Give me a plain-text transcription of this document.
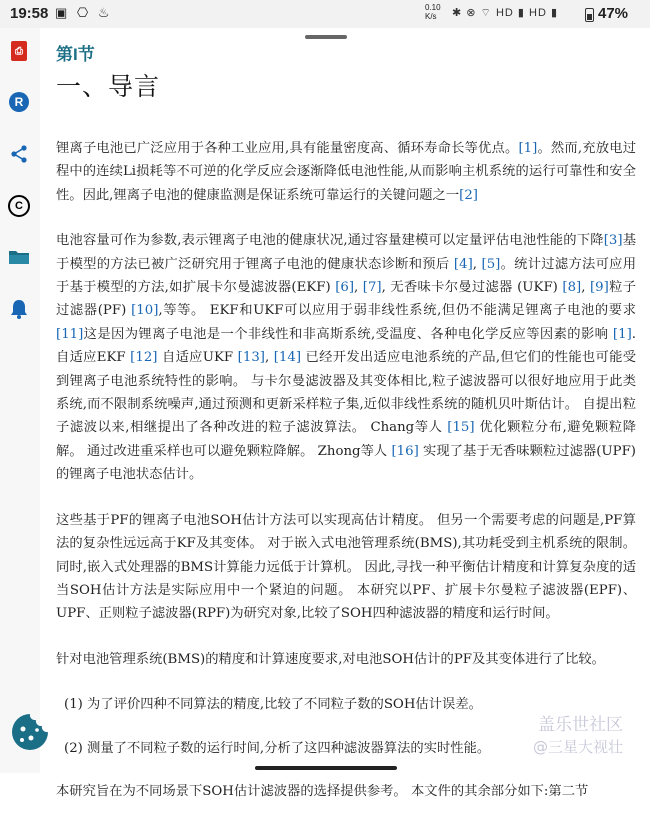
19:58 ▣ ⎔ ♨	✱ ⊗ ⌔ HD ▮ HD ▮
0.10 K/s	47%
⎙
R
C
第I节
一、导言

锂离子电池已广泛应用于各种工业应用,具有能量密度高、循环寿命长等优点。[1]。然而,充放电过程中的连续Li损耗等不可逆的化学反应会逐渐降低电池性能,从而影响主机系统的运行可靠性和安全性。因此,锂离子电池的健康监测是保证系统可靠运行的关键问题之一[2]

电池容量可作为参数,表示锂离子电池的健康状况,通过容量建模可以定量评估电池性能的下降[3]基于模型的方法已被广泛研究用于锂离子电池的健康状态诊断和预后 [4], [5]。统计过滤方法可应用于基于模型的方法,如扩展卡尔曼滤波器(EKF) [6], [7], 无香味卡尔曼过滤器 (UKF) [8], [9]粒子过滤器(PF) [10],等等。 EKF和UKF可以应用于弱非线性系统,但仍不能满足锂离子电池的要求 [11]这是因为锂离子电池是一个非线性和非高斯系统,受温度、各种电化学反应等因素的影响 [1]. 自适应EKF [12] 自适应UKF [13], [14] 已经开发出适应电池系统的产品,但它们的性能也可能受到锂离子电池系统特性的影响。 与卡尔曼滤波器及其变体相比,粒子滤波器可以很好地应用于此类系统,而不限制系统噪声,通过预测和更新采样粒子集,近似非线性系统的随机贝叶斯估计。 自提出粒子滤波以来,相继提出了各种改进的粒子滤波算法。 Chang等人 [15] 优化颗粒分布,避免颗粒降解。 通过改进重采样也可以避免颗粒降解。 Zhong等人 [16] 实现了基于无香味颗粒过滤器(UPF)的锂离子电池状态估计。

这些基于PF的锂离子电池SOH估计方法可以实现高估计精度。 但另一个需要考虑的问题是,PF算法的复杂性远远高于KF及其变体。 对于嵌入式电池管理系统(BMS),其功耗受到主机系统的限制。 同时,嵌入式处理器的BMS计算能力远低于计算机。 因此,寻找一种平衡估计精度和计算复杂度的适当SOH估计方法是实际应用中一个紧迫的问题。 本研究以PF、扩展卡尔曼粒子滤波器(EPF)、UPF、正则粒子滤波器(RPF)为研究对象,比较了SOH四种滤波器的精度和运行时间。

针对电池管理系统(BMS)的精度和计算速度要求,对电池SOH估计的PF及其变体进行了比较。

(1) 为了评价四种不同算法的精度,比较了不同粒子数的SOH估计误差。

(2) 测量了不同粒子数的运行时间,分析了这四种滤波器算法的实时性能。

本研究旨在为不同场景下SOH估计滤波器的选择提供参考。 本文件的其余部分如下:第二节

盖乐世社区
@三星大视壮
